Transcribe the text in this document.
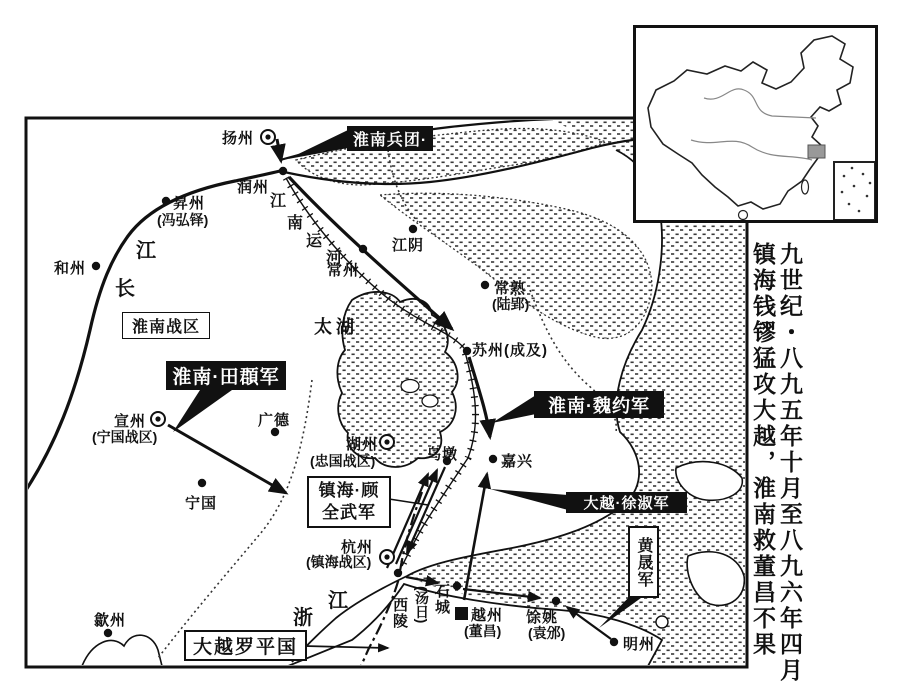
扬州
润州
昇州
(冯弘铎)
和州
江阴
常州
常熟
(陆郢)
苏州(成及)
乌墩	嘉兴
湖州
(忠国战区)
宣州
(宁国战区)
广德
宁国
歙州
杭州
(镇海战区)
西陵 石城
(汤日)	越州
(董昌)
馀姚
(袁邠)
明州
长
江
江
南
运
河
太湖
浙
江
淮南兵团·
淮南·田頵军
淮南·魏约军
大越·徐淑军
镇海·顾
全武军
黄晟军
大越罗平国
淮南战区	九世纪・八九五年十月至八九六年四月
镇海钱镠猛攻大越，淮南救董昌不果
